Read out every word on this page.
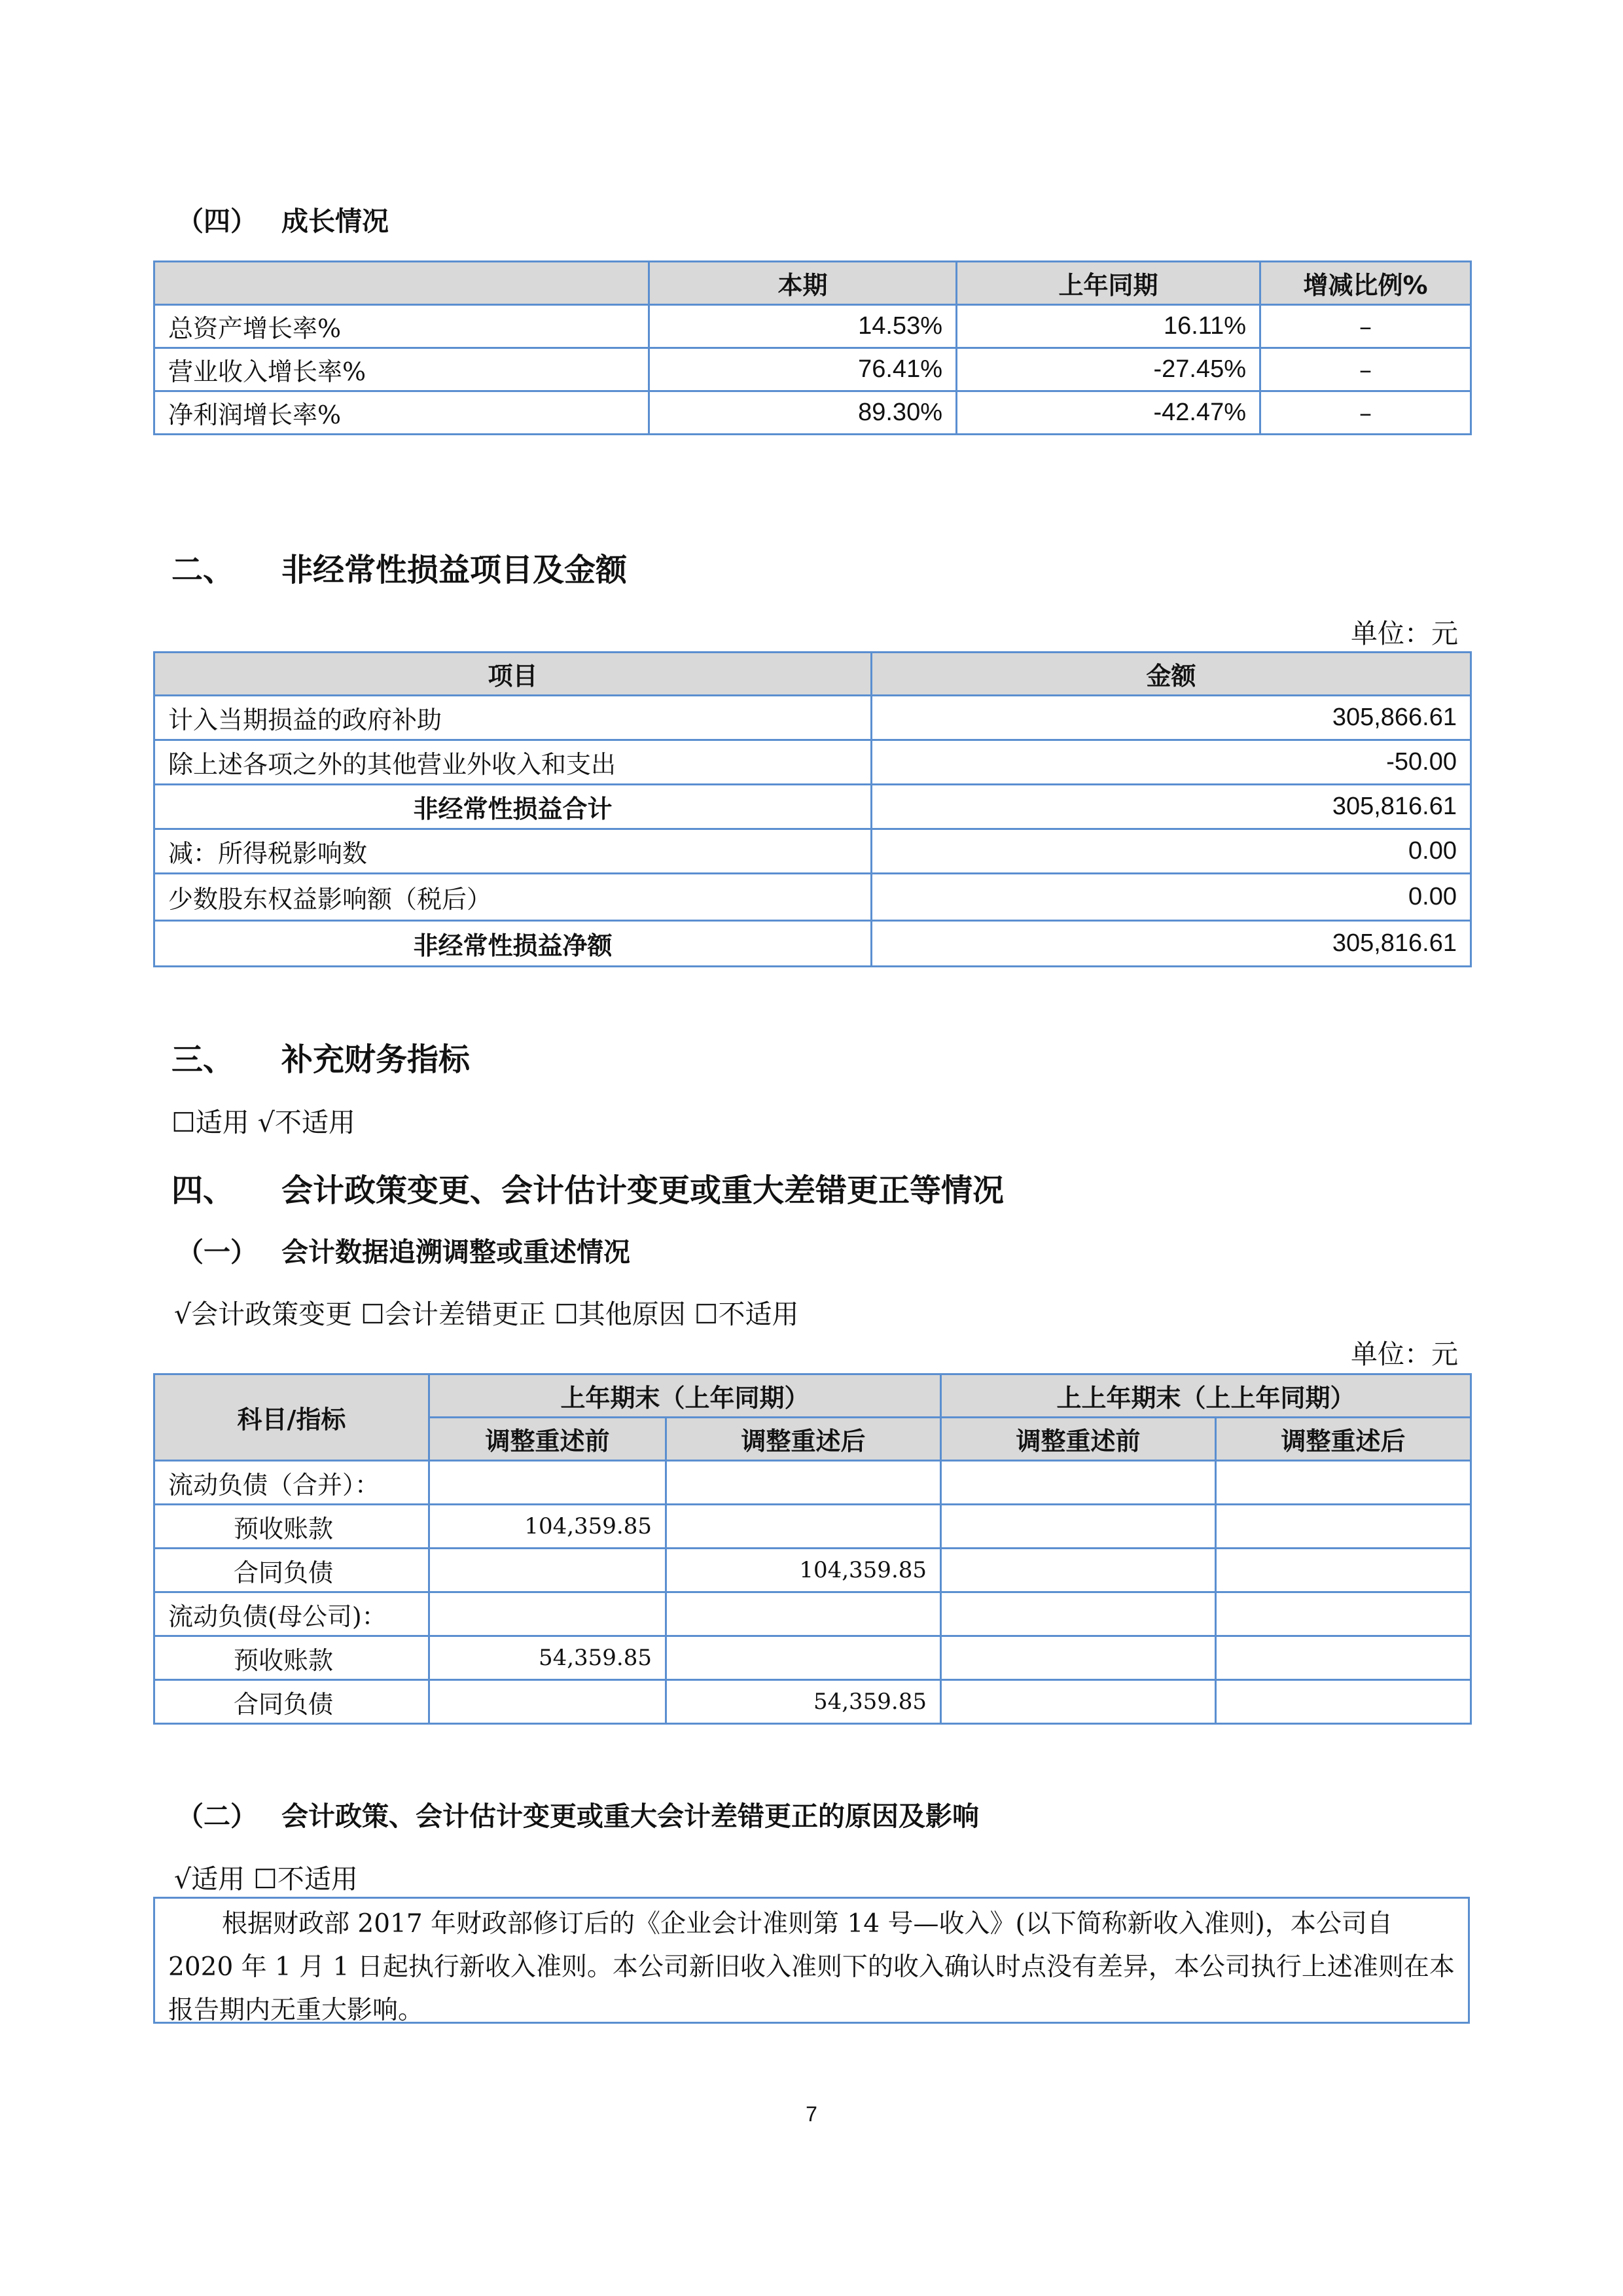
（四） 成长情况
	本期	上年同期	增减比例%
总资产增长率%	14.53%	16.11%	–
营业收入增长率%	76.41%	-27.45%	–
净利润增长率%	89.30%	-42.47%	–
二、 非经常性损益项目及金额
单位：元
项目	金额
计入当期损益的政府补助	305,866.61
除上述各项之外的其他营业外收入和支出	-50.00
非经常性损益合计	305,816.61
减：所得税影响数	0.00
少数股东权益影响额（税后）	0.00
非经常性损益净额	305,816.61
三、 补充财务指标
☐适用 √不适用
四、 会计政策变更、会计估计变更或重大差错更正等情况
（一） 会计数据追溯调整或重述情况
√会计政策变更 ☐会计差错更正 ☐其他原因 ☐不适用
单位：元
科目/指标	上年期末（上年同期）		上上年期末（上上年同期）	
	调整重述前	调整重述后	调整重述前	调整重述后
流动负债（合并）：				
预收账款	104,359.85			
合同负债		104,359.85		
流动负债(母公司)：				
预收账款	54,359.85			
合同负债		54,359.85		
（二） 会计政策、会计估计变更或重大会计差错更正的原因及影响
√适用 ☐不适用
根据财政部 2017 年财政部修订后的《企业会计准则第 14 号—收入》(以下简称新收入准则)，本公司自 2020 年 1 月 1 日起执行新收入准则。本公司新旧收入准则下的收入确认时点没有差异，本公司执行上述准则在本报告期内无重大影响。
7
